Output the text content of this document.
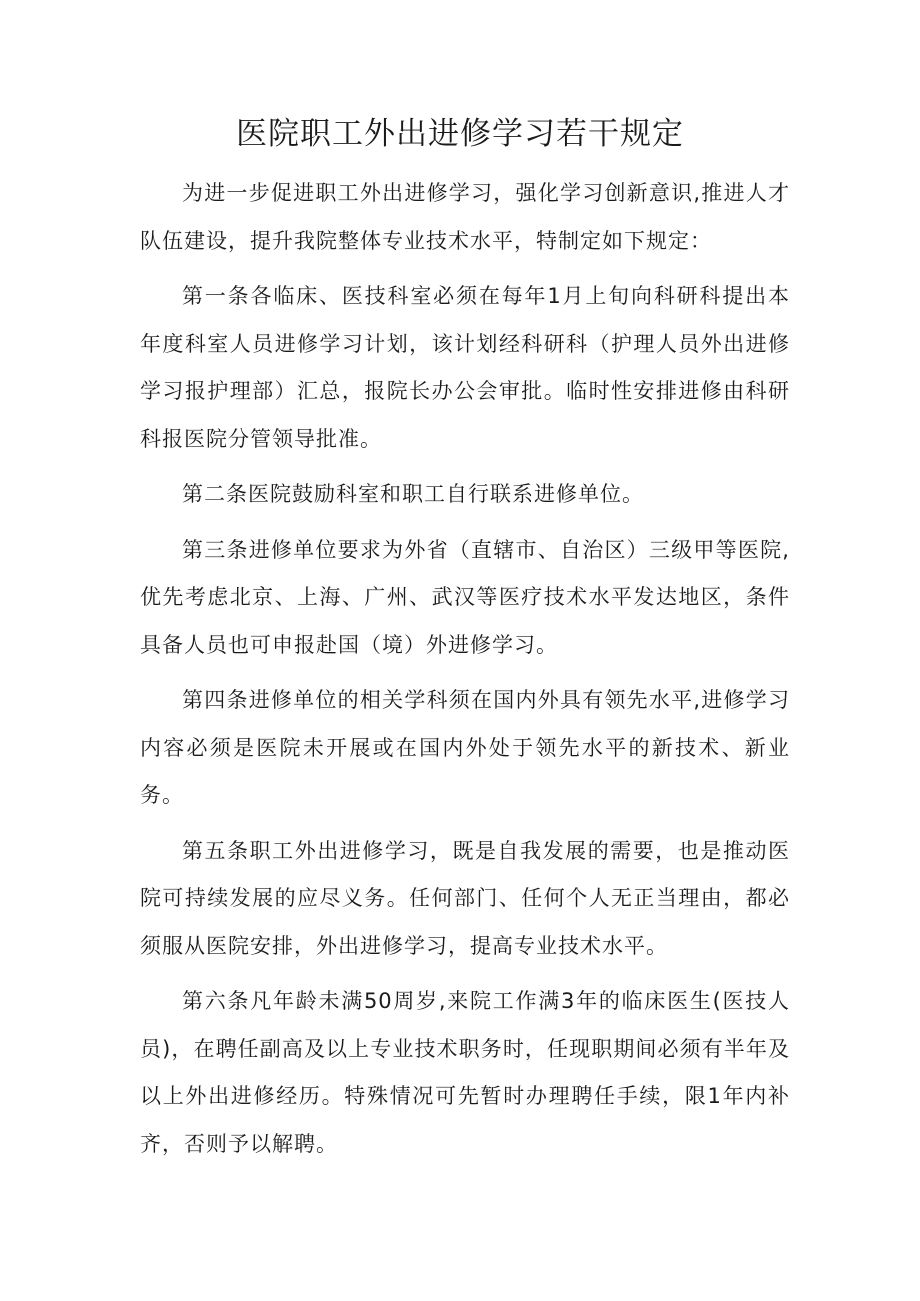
医院职工外出进修学习若干规定

为进一步促进职工外出进修学习，强化学习创新意识,推进人才队伍建设，提升我院整体专业技术水平，特制定如下规定：

第一条各临床、医技科室必须在每年1月上旬向科研科提出本年度科室人员进修学习计划，该计划经科研科（护理人员外出进修学习报护理部）汇总，报院长办公会审批。临时性安排进修由科研科报医院分管领导批准。

第二条医院鼓励科室和职工自行联系进修单位。

第三条进修单位要求为外省（直辖市、自治区）三级甲等医院,优先考虑北京、上海、广州、武汉等医疗技术水平发达地区，条件具备人员也可申报赴国（境）外进修学习。

第四条进修单位的相关学科须在国内外具有领先水平,进修学习内容必须是医院未开展或在国内外处于领先水平的新技术、新业务。

第五条职工外出进修学习，既是自我发展的需要，也是推动医院可持续发展的应尽义务。任何部门、任何个人无正当理由，都必须服从医院安排，外出进修学习，提高专业技术水平。

第六条凡年龄未满50周岁,来院工作满3年的临床医生(医技人员)，在聘任副高及以上专业技术职务时，任现职期间必须有半年及以上外出进修经历。特殊情况可先暂时办理聘任手续，限1年内补齐，否则予以解聘。
